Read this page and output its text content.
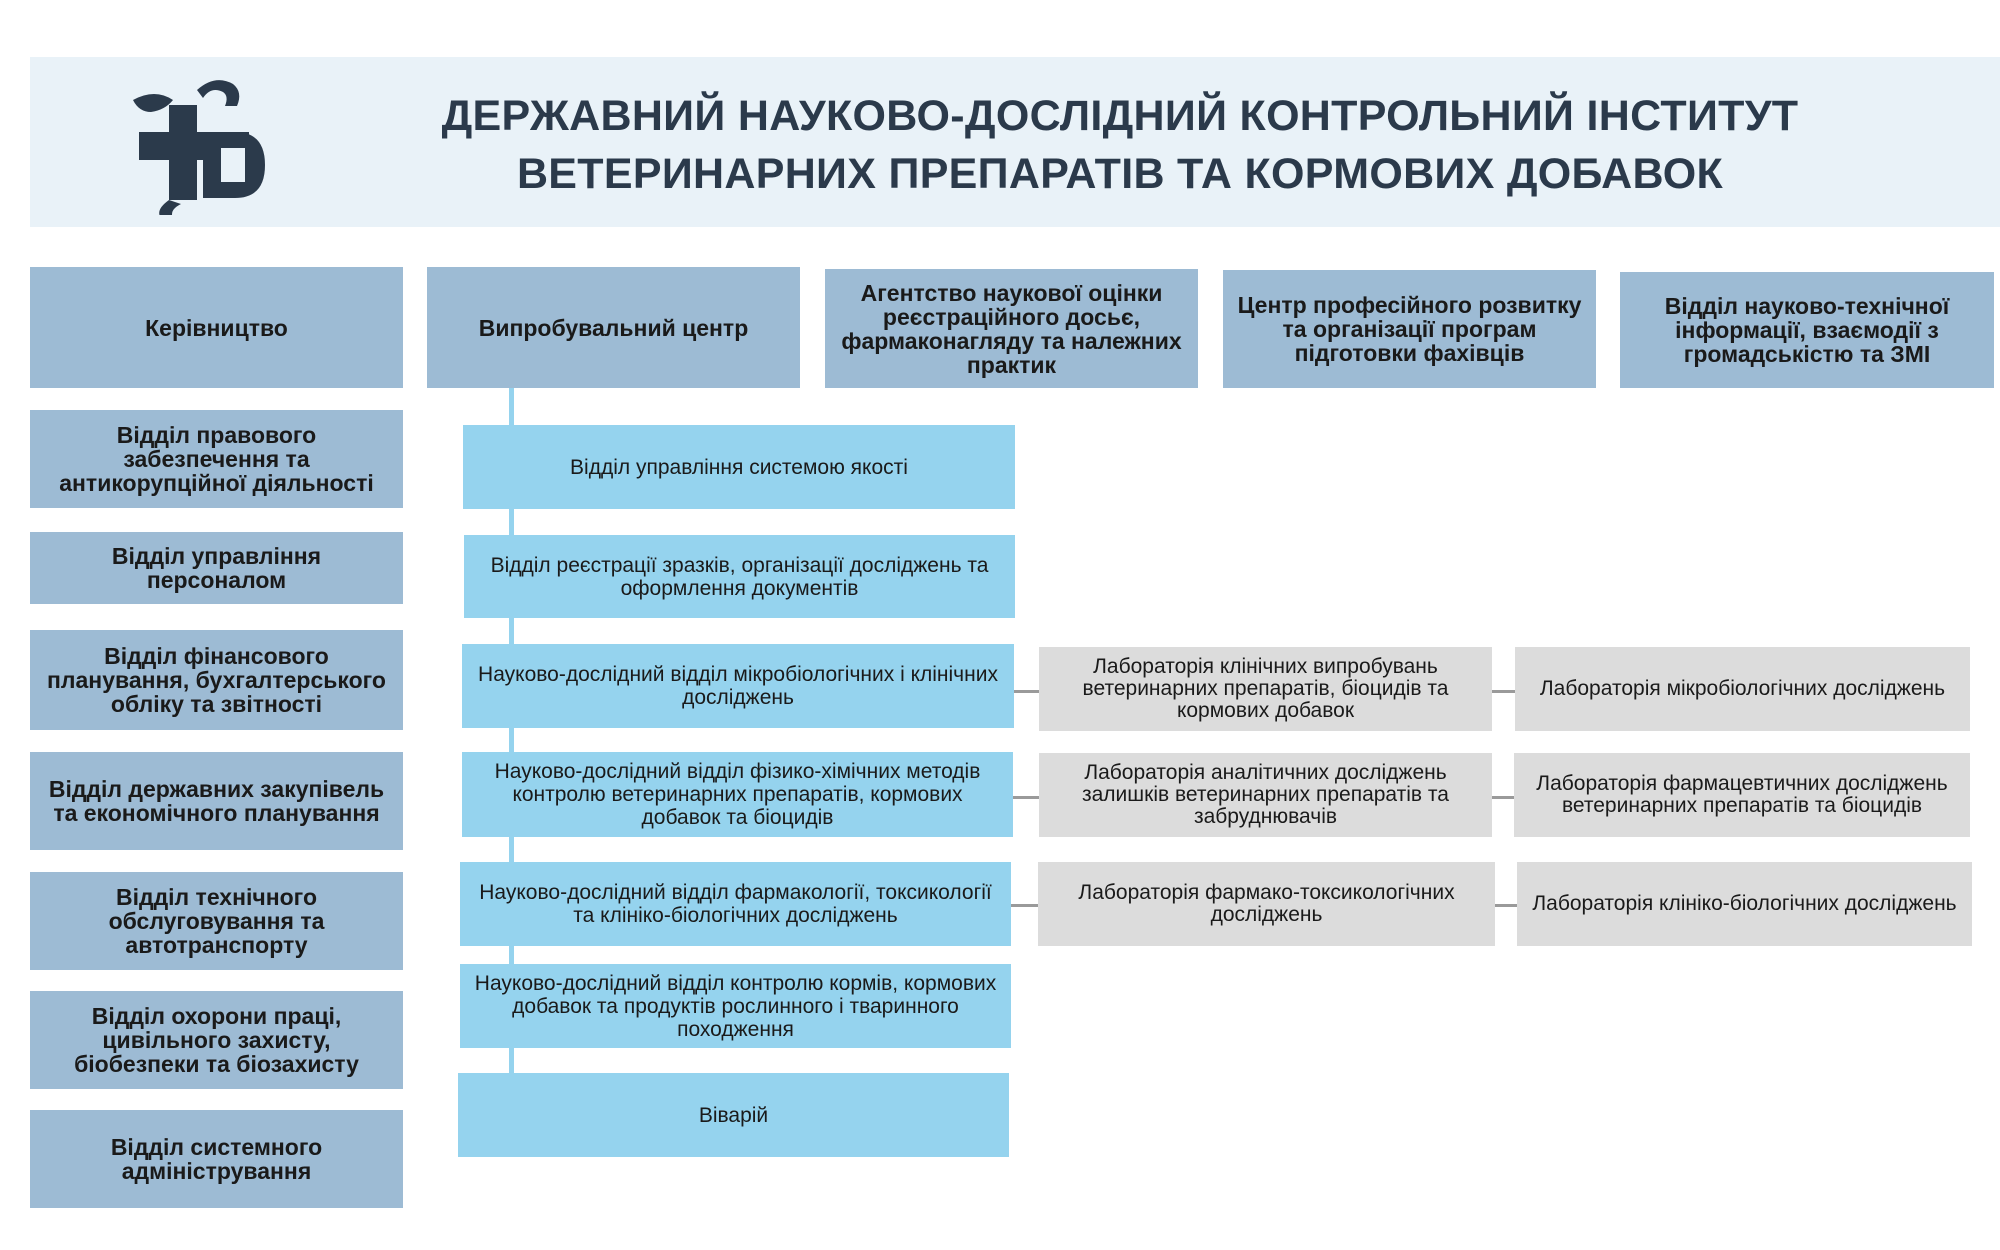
ДЕРЖАВНИЙ НАУКОВО-ДОСЛІДНИЙ КОНТРОЛЬНИЙ ІНСТИТУТ
ВЕТЕРИНАРНИХ ПРЕПАРАТІВ ТА КОРМОВИХ ДОБАВОК
Керівництво	Випробувальний центр
Агентство наукової оцінки реєстраційного досьє, фармаконагляду та належних практик
Центр професійного розвитку та організації програм підготовки фахівців
Відділ науково-технічної інформації, взаємодії з громадськістю та ЗМІ
Відділ правового забезпечення та антикорупційної діяльності
Відділ управління персоналом
Відділ фінансового планування, бухгалтерського обліку та звітності
Відділ державних закупівель та економічного планування
Відділ технічного обслуговування та автотранспорту
Відділ охорони праці, цивільного захисту, біобезпеки та біозахисту
Відділ системного адміністрування
Відділ управління системою якості
Відділ реєстрації зразків, організації досліджень та оформлення документів
Науково-дослідний відділ мікробіологічних і клінічних досліджень
Науково-дослідний відділ фізико-хімічних методів контролю ветеринарних препаратів, кормових добавок та біоцидів
Науково-дослідний відділ фармакології, токсикології та клініко-біологічних досліджень
Науково-дослідний відділ контролю кормів, кормових добавок та продуктів рослинного і тваринного походження
Віварій
Лабораторія клінічних випробувань ветеринарних препаратів, біоцидів та кормових добавок
Лабораторія мікробіологічних досліджень
Лабораторія аналітичних досліджень залишків ветеринарних препаратів та забруднювачів
Лабораторія фармацевтичних досліджень ветеринарних препаратів та біоцидів
Лабораторія фармако-токсикологічних досліджень	Лабораторія клініко-біологічних досліджень
